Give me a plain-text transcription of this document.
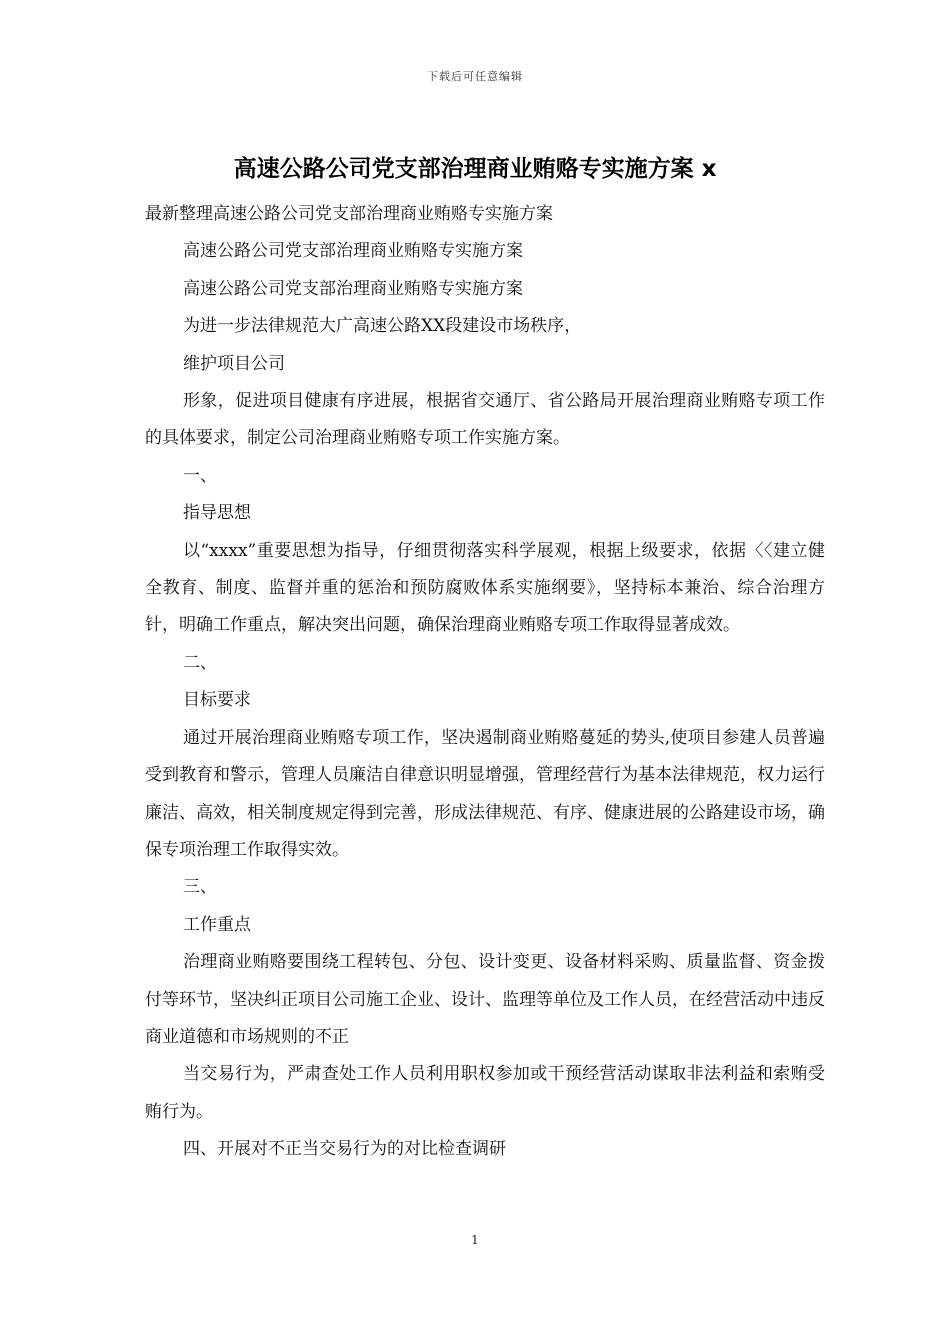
下载后可任意编辑
高速公路公司党支部治理商业贿赂专实施方案 x

最新整理高速公路公司党支部治理商业贿赂专实施方案

高速公路公司党支部治理商业贿赂专实施方案

高速公路公司党支部治理商业贿赂专实施方案

为进一步法律规范大广高速公路XX段建设市场秩序，

维护项目公司

形象，促进项目健康有序进展，根据省交通厅、省公路局开展治理商业贿赂专项工作的具体要求，制定公司治理商业贿赂专项工作实施方案。

一、

指导思想

以“xxxx”重要思想为指导，仔细贯彻落实科学展观，根据上级要求，依据〈〈建立健全教育、制度、监督并重的惩治和预防腐败体系实施纲要》，坚持标本兼治、综合治理方针，明确工作重点，解决突出问题，确保治理商业贿赂专项工作取得显著成效。

二、

目标要求

通过开展治理商业贿赂专项工作，坚决遏制商业贿赂蔓延的势头,使项目参建人员普遍受到教育和警示，管理人员廉洁自律意识明显增强，管理经营行为基本法律规范，权力运行廉洁、高效，相关制度规定得到完善，形成法律规范、有序、健康进展的公路建设市场，确保专项治理工作取得实效。

三、

工作重点

治理商业贿赂要围绕工程转包、分包、设计变更、设备材料采购、质量监督、资金拨付等环节，坚决纠正项目公司施工企业、设计、监理等单位及工作人员，在经营活动中违反商业道德和市场规则的不正

当交易行为，严肃查处工作人员利用职权参加或干预经营活动谋取非法利益和索贿受贿行为。

四、开展对不正当交易行为的对比检查调研

1
